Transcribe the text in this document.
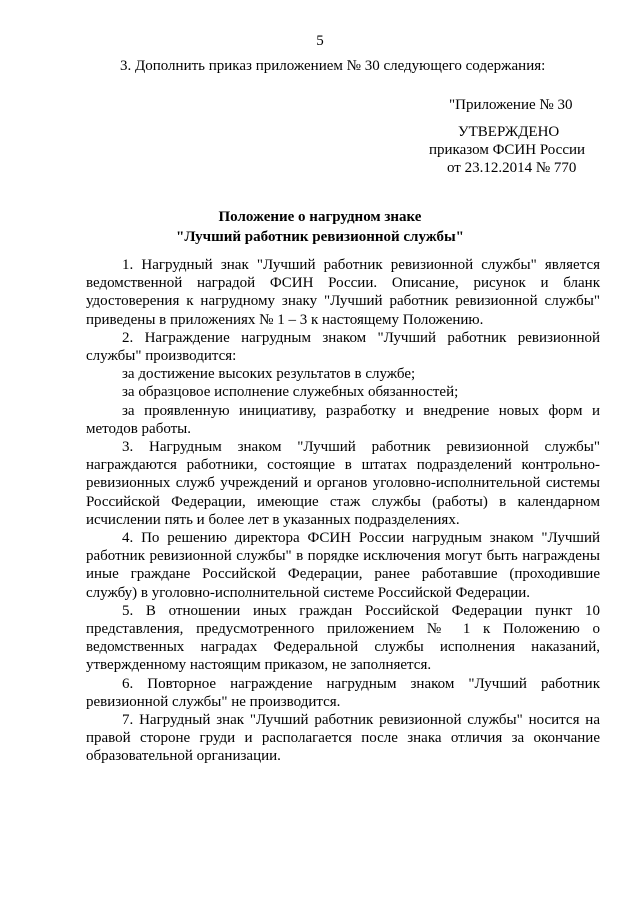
5
3. Дополнить приказ приложением № 30 следующего содержания:
"Приложение № 30
УТВЕРЖДЕНО
приказом ФСИН России
от 23.12.2014 № 770
Положение о нагрудном знаке
"Лучший работник ревизионной службы"

1. Нагрудный знак "Лучший работник ревизионной службы" является ведомственной наградой ФСИН России. Описание, рисунок и бланк удостоверения к нагрудному знаку "Лучший работник ревизионной службы" приведены в приложениях № 1 – 3 к настоящему Положению.

2. Награждение нагрудным знаком "Лучший работник ревизионной службы" производится:

за достижение высоких результатов в службе;

за образцовое исполнение служебных обязанностей;

за проявленную инициативу, разработку и внедрение новых форм и методов работы.

3. Нагрудным знаком "Лучший работник ревизионной службы" награждаются работники, состоящие в штатах подразделений контрольно-ревизионных служб учреждений и органов уголовно-исполнительной системы Российской Федерации, имеющие стаж службы (работы) в календарном исчислении пять и более лет в указанных подразделениях.

4. По решению директора ФСИН России нагрудным знаком "Лучший работник ревизионной службы" в порядке исключения могут быть награждены иные граждане Российской Федерации, ранее работавшие (проходившие службу) в уголовно-исполнительной системе Российской Федерации.

5. В отношении иных граждан Российской Федерации пункт 10 представления, предусмотренного приложением № 1 к Положению о ведомственных наградах Федеральной службы исполнения наказаний, утвержденному настоящим приказом, не заполняется.

6. Повторное награждение нагрудным знаком "Лучший работник ревизионной службы" не производится.

7. Нагрудный знак "Лучший работник ревизионной службы" носится на правой стороне груди и располагается после знака отличия за окончание образовательной организации.
